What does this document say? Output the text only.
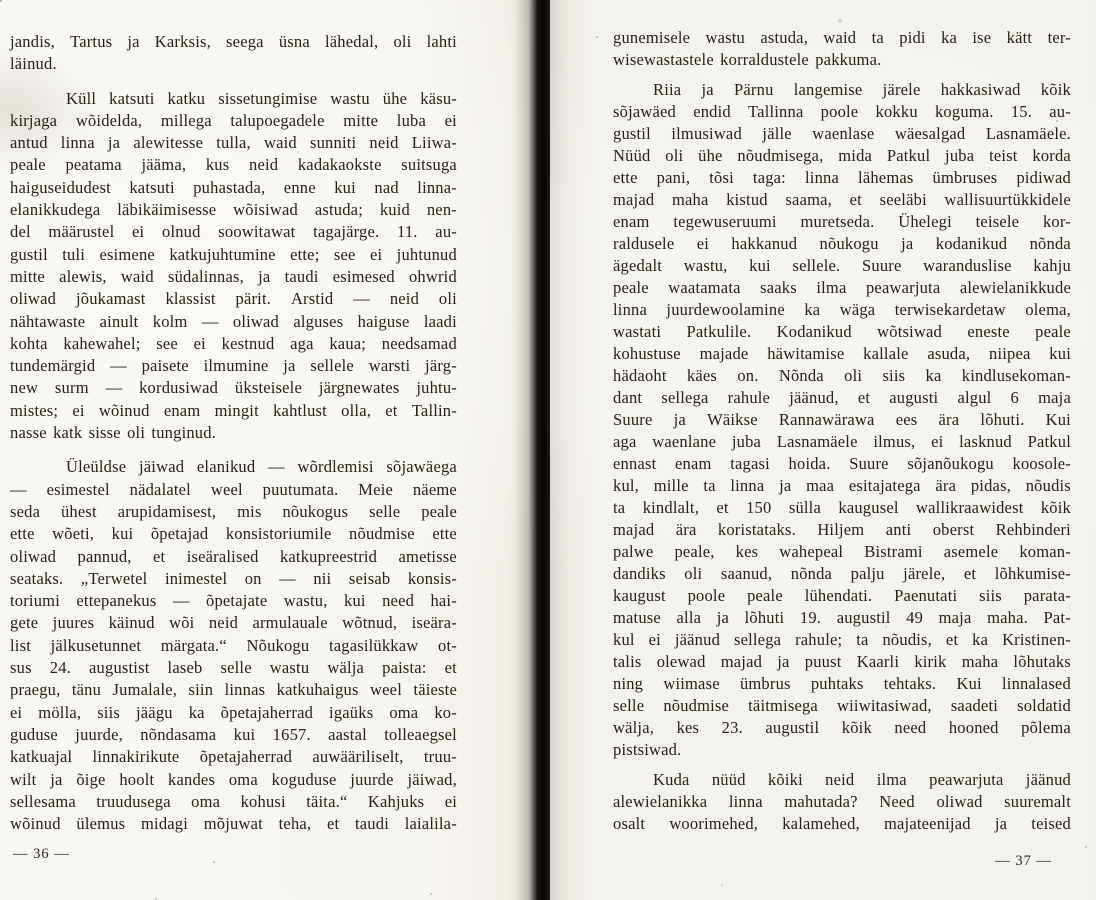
jandis, Tartus ja Karksis, seega üsna lähedal, oli lahti
läinud.
Küll katsuti katku sissetungimise wastu ühe käsu-
kirjaga wõidelda, millega talupoegadele mitte luba ei
antud linna ja alewitesse tulla, waid sunniti neid Liiwa-
peale peatama jääma, kus neid kadakaokste suitsuga
haiguseidudest katsuti puhastada, enne kui nad linna-
elanikkudega läbikäimisesse wõisiwad astuda; kuid nen-
del määrustel ei olnud soowitawat tagajärge. 11. au-
gustil tuli esimene katkujuhtumine ette; see ei juhtunud
mitte alewis, waid südalinnas, ja taudi esimesed ohwrid
oliwad jõukamast klassist pärit. Arstid — neid oli
nähtawaste ainult kolm — oliwad alguses haiguse laadi
kohta kahewahel; see ei kestnud aga kaua; needsamad
tundemärgid — paisete ilmumine ja sellele warsti järg-
new surm — kordusiwad üksteisele järgnewates juhtu-
mistes; ei wõinud enam mingit kahtlust olla, et Tallin-
nasse katk sisse oli tunginud.
Üleüldse jäiwad elanikud — wõrdlemisi sõjawäega
— esimestel nädalatel weel puutumata. Meie näeme
seda ühest arupidamisest, mis nõukogus selle peale
ette wõeti, kui õpetajad konsistoriumile nõudmise ette
oliwad pannud, et iseäralised katkupreestrid ametisse
seataks. „Terwetel inimestel on — nii seisab konsis-
toriumi ettepanekus — õpetajate wastu, kui need hai-
gete juures käinud wõi neid armulauale wõtnud, iseära-
list jälkusetunnet märgata.“ Nõukogu tagasilükkaw ot-
sus 24. augustist laseb selle wastu wälja paista: et
praegu, tänu Jumalale, siin linnas katkuhaigus weel täieste
ei mölla, siis jäägu ka õpetajaherrad igaüks oma ko-
guduse juurde, nõndasama kui 1657. aastal tolleaegsel
katkuajal linnakirikute õpetajaherrad auwääriliselt, truu-
wilt ja õige hoolt kandes oma koguduse juurde jäiwad,
sellesama truudusega oma kohusi täita.“ Kahjuks ei
wõinud ülemus midagi mõjuwat teha, et taudi laialila-
— 36 —
gunemisele wastu astuda, waid ta pidi ka ise kätt ter-
wisewastastele korraldustele pakkuma.
Riia ja Pärnu langemise järele hakkasiwad kõik
sõjawäed endid Tallinna poole kokku koguma. 15. au-
gustil ilmusiwad jälle waenlase wäesalgad Lasnamäele.
Nüüd oli ühe nõudmisega, mida Patkul juba teist korda
ette pani, tõsi taga: linna lähemas ümbruses pidiwad
majad maha kistud saama, et seeläbi wallisuurtükkidele
enam tegewuseruumi muretseda. Ühelegi teisele kor-
raldusele ei hakkanud nõukogu ja kodanikud nõnda
ägedalt wastu, kui sellele. Suure waranduslise kahju
peale waatamata saaks ilma peawarjuta alewielanikkude
linna juurdewoolamine ka wäga terwisekardetaw olema,
wastati Patkulile. Kodanikud wõtsiwad eneste peale
kohustuse majade häwitamise kallale asuda, niipea kui
hädaoht käes on. Nõnda oli siis ka kindlusekoman-
dant sellega rahule jäänud, et augusti algul 6 maja
Suure ja Wäikse Rannawärawa ees ära lõhuti. Kui
aga waenlane juba Lasnamäele ilmus, ei lasknud Patkul
ennast enam tagasi hoida. Suure sõjanõukogu koosole-
kul, mille ta linna ja maa esitajatega ära pidas, nõudis
ta kindlalt, et 150 sülla kaugusel wallikraawidest kõik
majad ära koristataks. Hiljem anti oberst Rehbinderi
palwe peale, kes wahepeal Bistrami asemele koman-
dandiks oli saanud, nõnda palju järele, et lõhkumise-
kaugust poole peale lühendati. Paenutati siis parata-
matuse alla ja lõhuti 19. augustil 49 maja maha. Pat-
kul ei jäänud sellega rahule; ta nõudis, et ka Kristinen-
talis olewad majad ja puust Kaarli kirik maha lõhutaks
ning wiimase ümbrus puhtaks tehtaks. Kui linnalased
selle nõudmise täitmisega wiiwitasiwad, saadeti soldatid
wälja, kes 23. augustil kõik need hooned põlema
pistsiwad.
Kuda nüüd kõiki neid ilma peawarjuta jäänud
alewielanikka linna mahutada? Need oliwad suuremalt
osalt woorimehed, kalamehed, majateenijad ja teised
— 37 —
